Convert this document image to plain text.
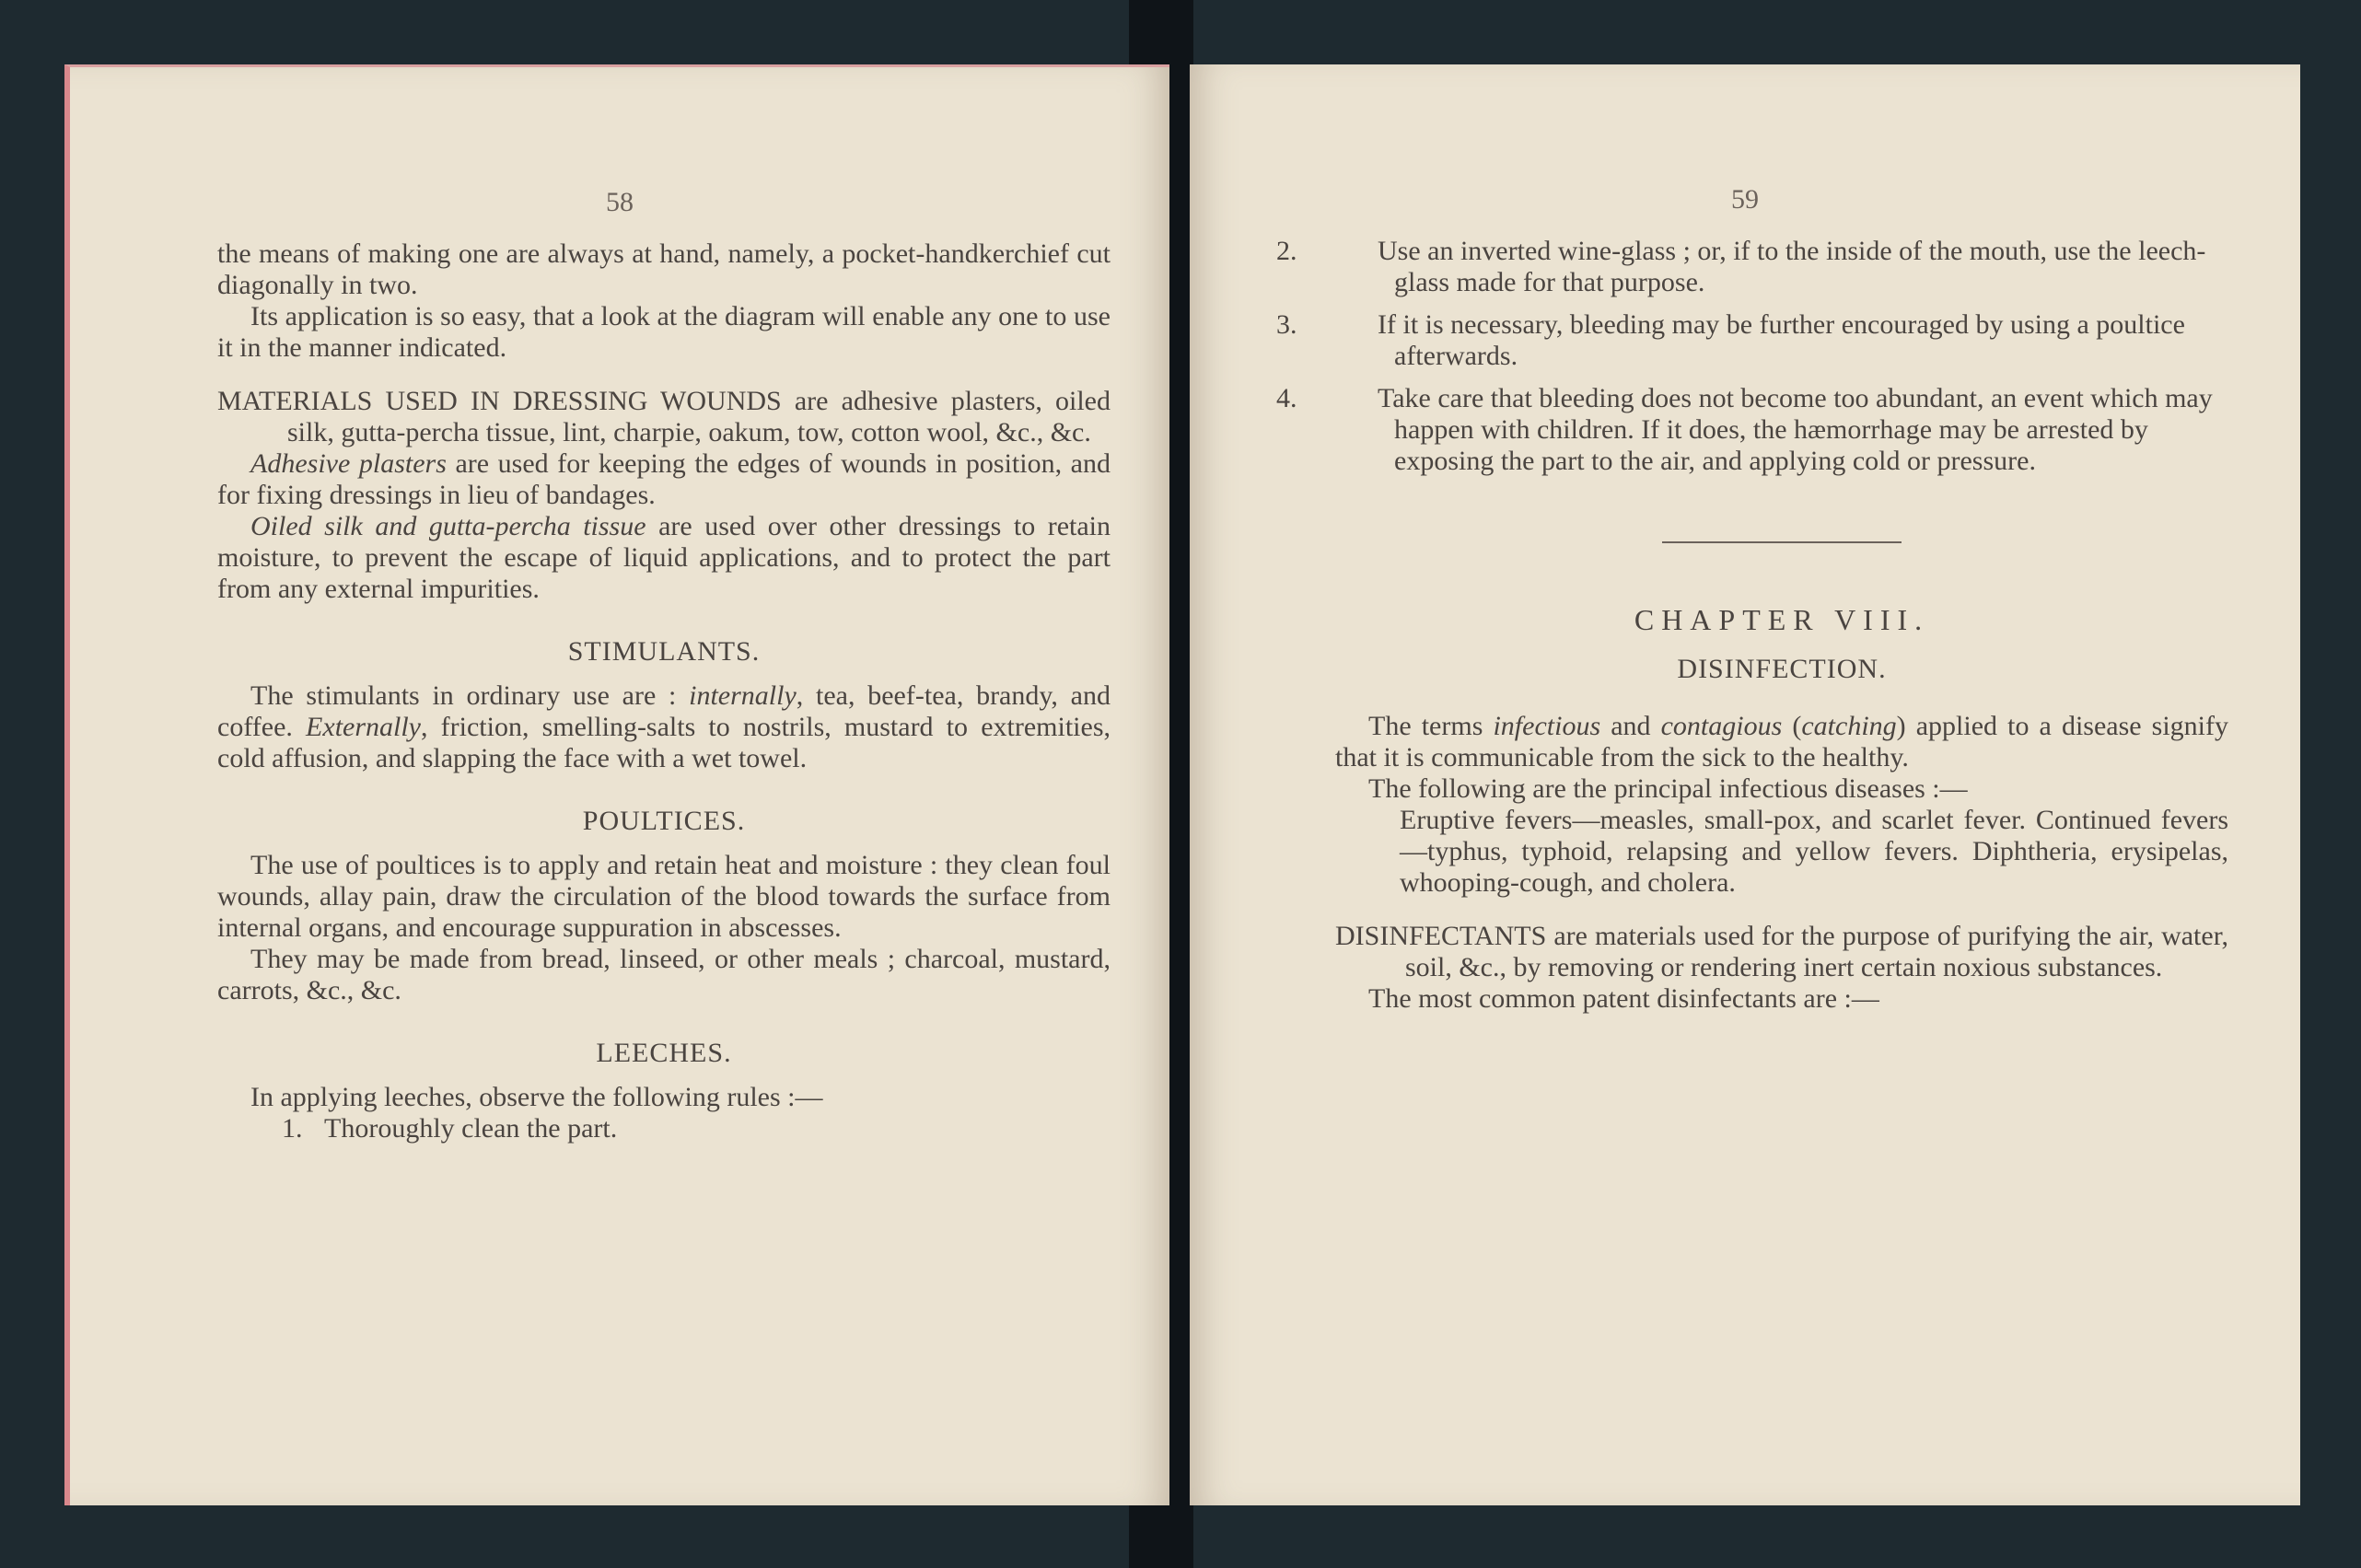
58

the means of making one are always at hand, namely, a pocket-handkerchief cut diagonally in two.

Its application is so easy, that a look at the diagram will enable any one to use it in the manner indicated.

MATERIALS USED IN DRESSING WOUNDS are adhesive plasters, oiled silk, gutta-percha tissue, lint, charpie, oakum, tow, cotton wool, &c., &c.

Adhesive plasters are used for keeping the edges of wounds in position, and for fixing dressings in lieu of bandages.

Oiled silk and gutta-percha tissue are used over other dressings to retain moisture, to prevent the escape of liquid applications, and to protect the part from any external impurities.

STIMULANTS.

The stimulants in ordinary use are : internally, tea, beef-tea, brandy, and coffee. Externally, friction, smelling-salts to nostrils, mustard to extremities, cold affusion, and slapping the face with a wet towel.

POULTICES.

The use of poultices is to apply and retain heat and moisture : they clean foul wounds, allay pain, draw the circulation of the blood towards the surface from internal organs, and encourage suppuration in abscesses.

They may be made from bread, linseed, or other meals ; charcoal, mustard, carrots, &c., &c.

LEECHES.

In applying leeches, observe the following rules :—

1. Thoroughly clean the part.

59
2.	Use an inverted wine-glass ; or, if to the inside of the mouth, use the leech-glass made for that purpose.
3.	If it is necessary, bleeding may be further encouraged by using a poultice afterwards.
4.	Take care that bleeding does not become too abundant, an event which may happen with children. If it does, the hæmorrhage may be arrested by exposing the part to the air, and applying cold or pressure.
CHAPTER VIII.
DISINFECTION.

The terms infectious and contagious (catching) applied to a disease signify that it is communicable from the sick to the healthy.

The following are the principal infectious diseases :—

Eruptive fevers—measles, small-pox, and scarlet fever. Continued fevers—typhus, typhoid, relapsing and yellow fevers. Diphtheria, erysipelas, whooping-cough, and cholera.

DISINFECTANTS are materials used for the purpose of purifying the air, water, soil, &c., by removing or rendering inert certain noxious substances.

The most common patent disinfectants are :—
